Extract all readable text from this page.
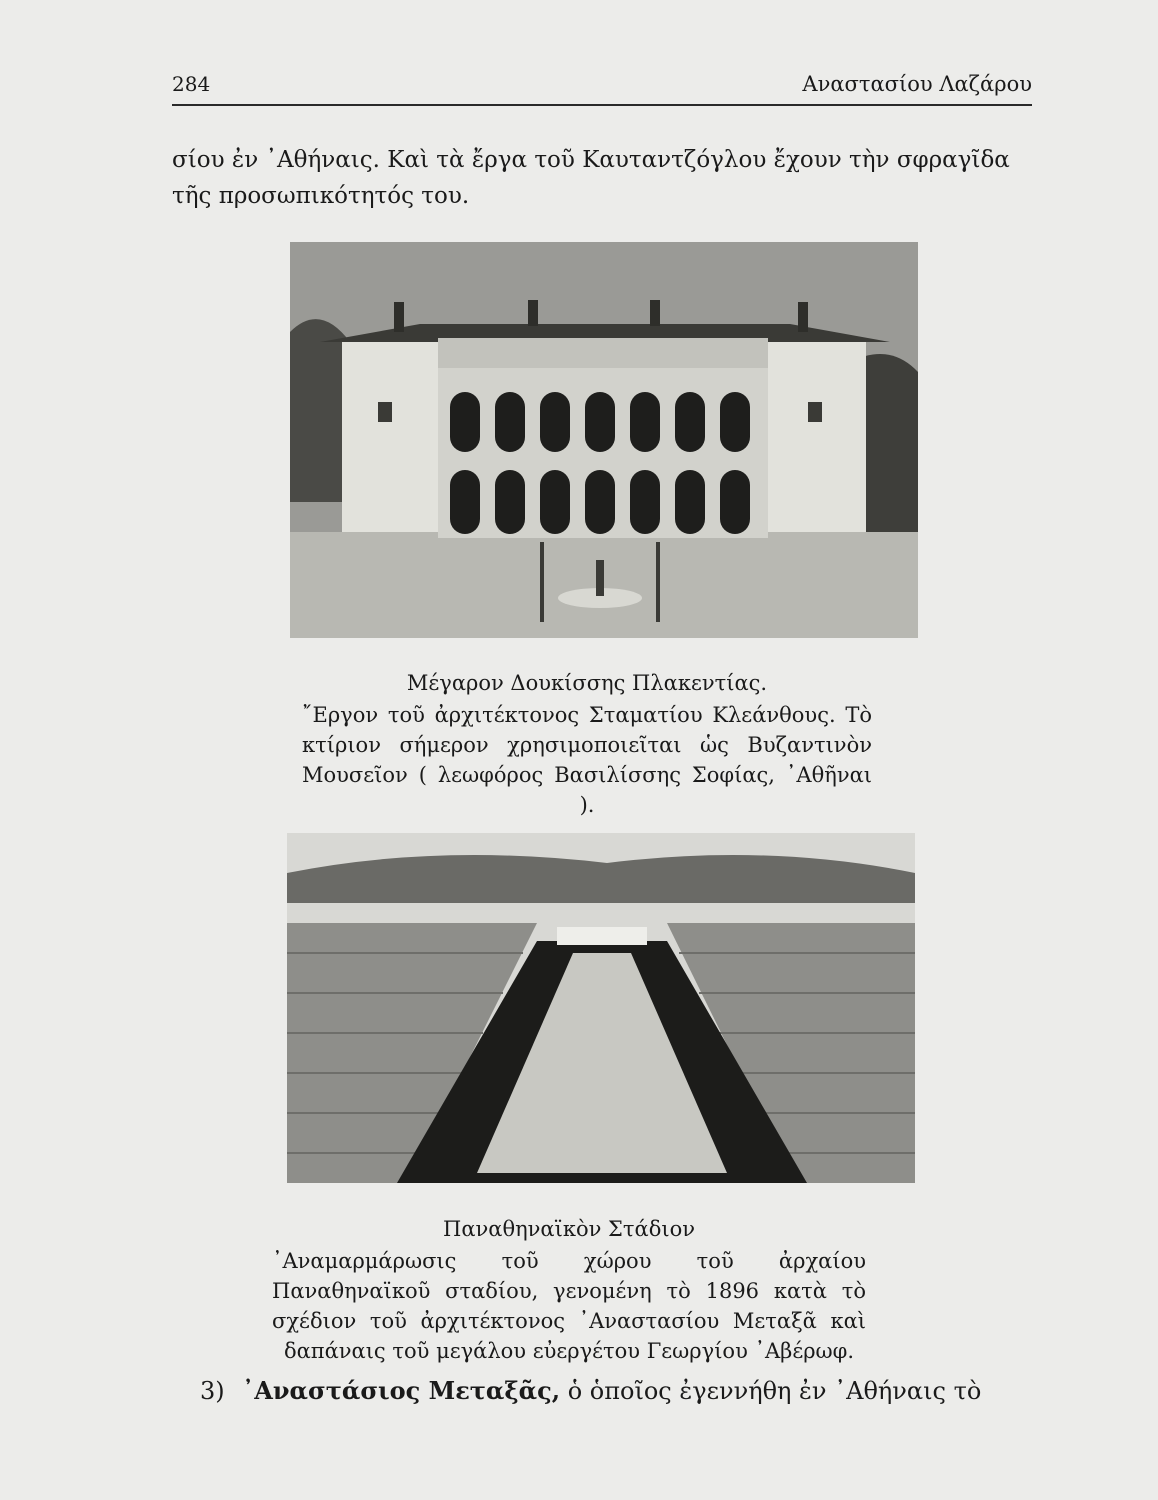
284	Αναστασίου Λαζάρου
σίου ἐν ᾿Αθήναις. Καὶ τὰ ἔργα τοῦ Καυταντζόγλου ἔχουν τὴν σφραγῖδα
τῆς προσωπικότητός του.
Μέγαρον Δουκίσσης Πλακεντίας.
῎Εργον τοῦ ἀρχιτέκτονος Σταματίου Κλεάνθους. Τὸ κτίριον σήμερον χρησιμοποιεῖται ὡς Βυζαντινὸν Μουσεῖον ( λεωφόρος Βασιλίσσης Σοφίας, ᾿Αθῆναι ).
Παναθηναϊκὸν Στάδιον
᾿Αναμαρμάρωσις τοῦ χώρου τοῦ ἀρχαίου Παναθηναϊκοῦ σταδίου, γενομένη τὸ 1896 κατὰ τὸ σχέδιον τοῦ ἀρχιτέκτονος ᾿Αναστασίου Μεταξᾶ καὶ δαπάναις τοῦ μεγάλου εὐεργέτου Γεωργίου ᾿Αβέρωφ.
3) ᾿Αναστάσιος Μεταξᾶς, ὁ ὁποῖος ἐγεννήθη ἐν ᾿Αθήναις τὸ
